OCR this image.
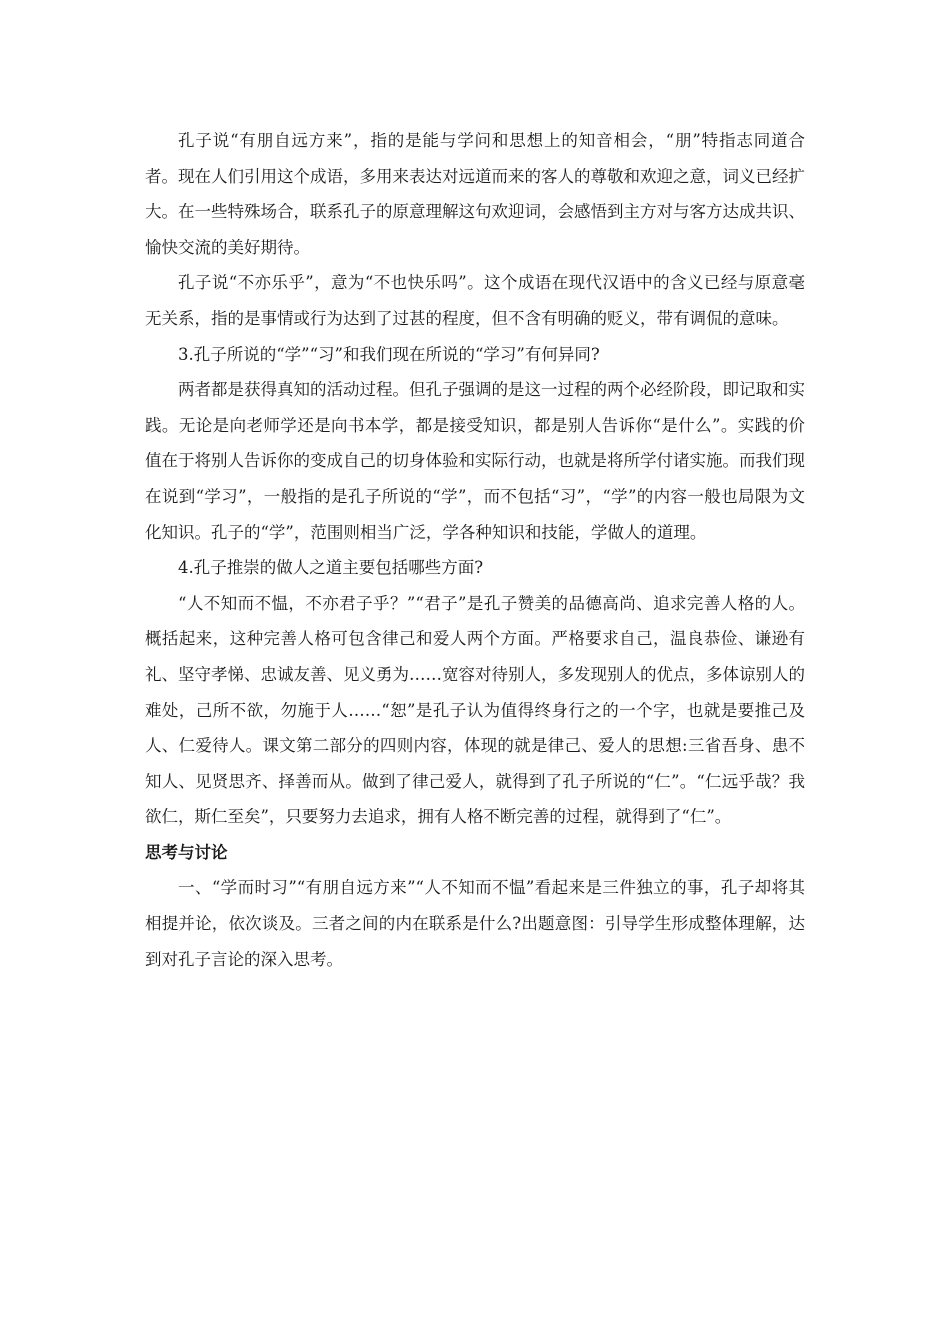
孔子说“有朋自远方来”，指的是能与学问和思想上的知音相会，“朋”特指志同道合者。现在人们引用这个成语，多用来表达对远道而来的客人的尊敬和欢迎之意，词义已经扩大。在一些特殊场合，联系孔子的原意理解这句欢迎词，会感悟到主方对与客方达成共识、愉快交流的美好期待。

孔子说“不亦乐乎”，意为“不也快乐吗”。这个成语在现代汉语中的含义已经与原意毫无关系，指的是事情或行为达到了过甚的程度，但不含有明确的贬义，带有调侃的意味。

3.孔子所说的“学”“习”和我们现在所说的“学习”有何异同?

两者都是获得真知的活动过程。但孔子强调的是这一过程的两个必经阶段，即记取和实践。无论是向老师学还是向书本学，都是接受知识，都是别人告诉你“是什么”。实践的价值在于将别人告诉你的变成自己的切身体验和实际行动，也就是将所学付诸实施。而我们现在说到“学习”，一般指的是孔子所说的“学”，而不包括“习”，“学”的内容一般也局限为文化知识。孔子的“学”，范围则相当广泛，学各种知识和技能，学做人的道理。

4.孔子推崇的做人之道主要包括哪些方面?

“人不知而不愠，不亦君子乎？”“君子”是孔子赞美的品德高尚、追求完善人格的人。概括起来，这种完善人格可包含律己和爱人两个方面。严格要求自己，温良恭俭、谦逊有礼、坚守孝悌、忠诚友善、见义勇为……宽容对待别人，多发现别人的优点，多体谅别人的难处，己所不欲，勿施于人……“恕”是孔子认为值得终身行之的一个字，也就是要推己及人、仁爱待人。课文第二部分的四则内容，体现的就是律己、爱人的思想:三省吾身、患不知人、见贤思齐、择善而从。做到了律己爱人，就得到了孔子所说的“仁”。“仁远乎哉？我欲仁，斯仁至矣”，只要努力去追求，拥有人格不断完善的过程，就得到了“仁”。

思考与讨论

一、“学而时习”“有朋自远方来”“人不知而不愠”看起来是三件独立的事，孔子却将其相提并论，依次谈及。三者之间的内在联系是什么?出题意图：引导学生形成整体理解，达到对孔子言论的深入思考。
